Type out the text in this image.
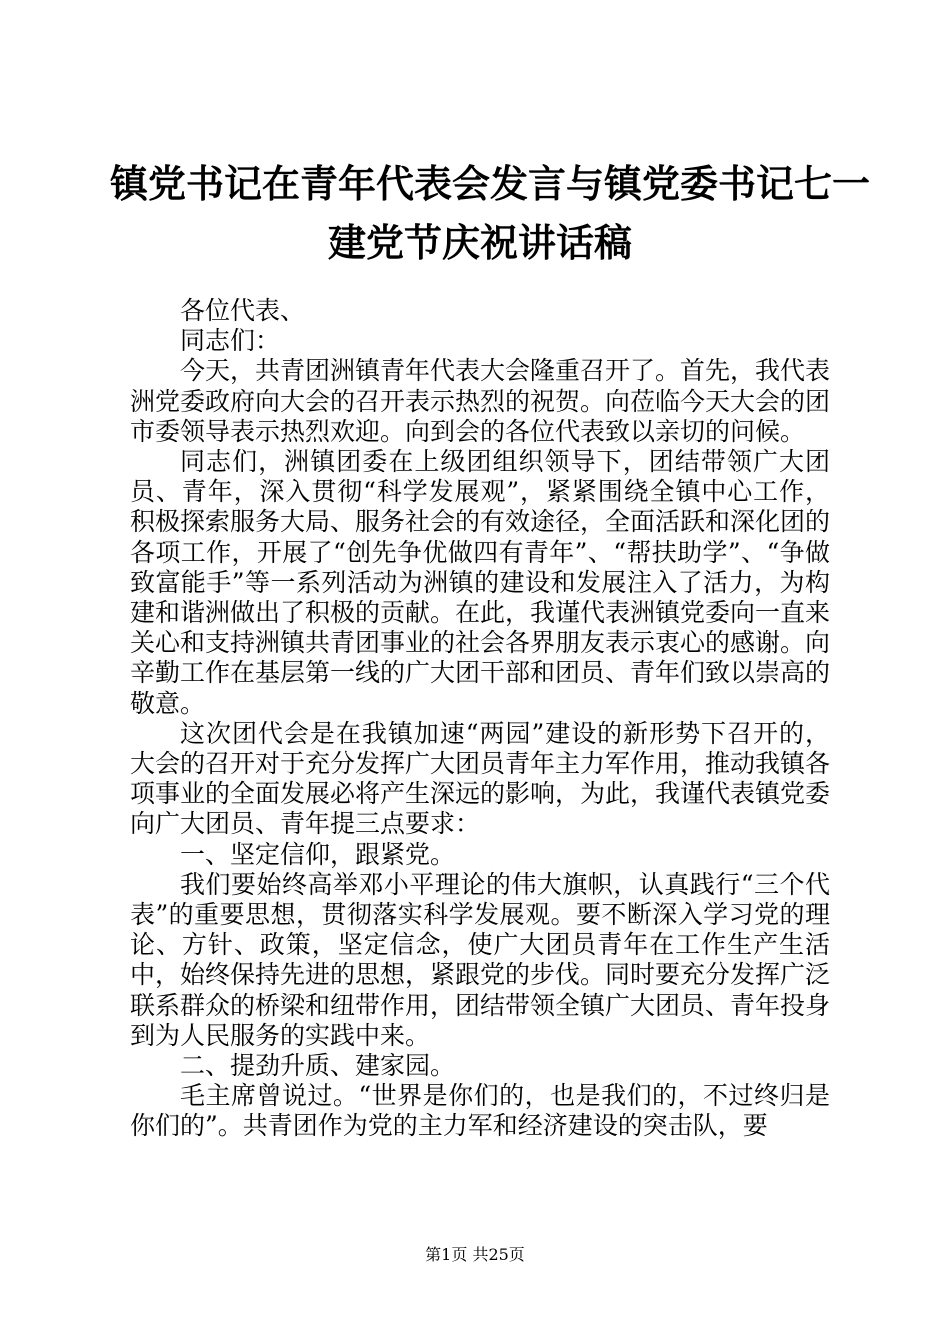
镇党书记在青年代表会发言与镇党委书记七一
建党节庆祝讲话稿

各位代表、

同志们：

今天，共青团洲镇青年代表大会隆重召开了。首先，我代表洲党委政府向大会的召开表示热烈的祝贺。向莅临今天大会的团市委领导表示热烈欢迎。向到会的各位代表致以亲切的问候。

同志们，洲镇团委在上级团组织领导下，团结带领广大团员、青年，深入贯彻“科学发展观”，紧紧围绕全镇中心工作，积极探索服务大局、服务社会的有效途径，全面活跃和深化团的各项工作，开展了“创先争优做四有青年”、“帮扶助学”、“争做致富能手”等一系列活动为洲镇的建设和发展注入了活力，为构建和谐洲做出了积极的贡献。在此，我谨代表洲镇党委向一直来关心和支持洲镇共青团事业的社会各界朋友表示衷心的感谢。向辛勤工作在基层第一线的广大团干部和团员、青年们致以崇高的敬意。

这次团代会是在我镇加速“两园”建设的新形势下召开的，大会的召开对于充分发挥广大团员青年主力军作用，推动我镇各项事业的全面发展必将产生深远的影响，为此，我谨代表镇党委向广大团员、青年提三点要求：

一、坚定信仰，跟紧党。

我们要始终高举邓小平理论的伟大旗帜，认真践行“三个代表”的重要思想，贯彻落实科学发展观。要不断深入学习党的理论、方针、政策，坚定信念，使广大团员青年在工作生产生活中，始终保持先进的思想，紧跟党的步伐。同时要充分发挥广泛联系群众的桥梁和纽带作用，团结带领全镇广大团员、青年投身到为人民服务的实践中来。

二、提劲升质、建家园。

毛主席曾说过。“世界是你们的，也是我们的，不过终归是你们的”。共青团作为党的主力军和经济建设的突击队，要

第1页 共25页
